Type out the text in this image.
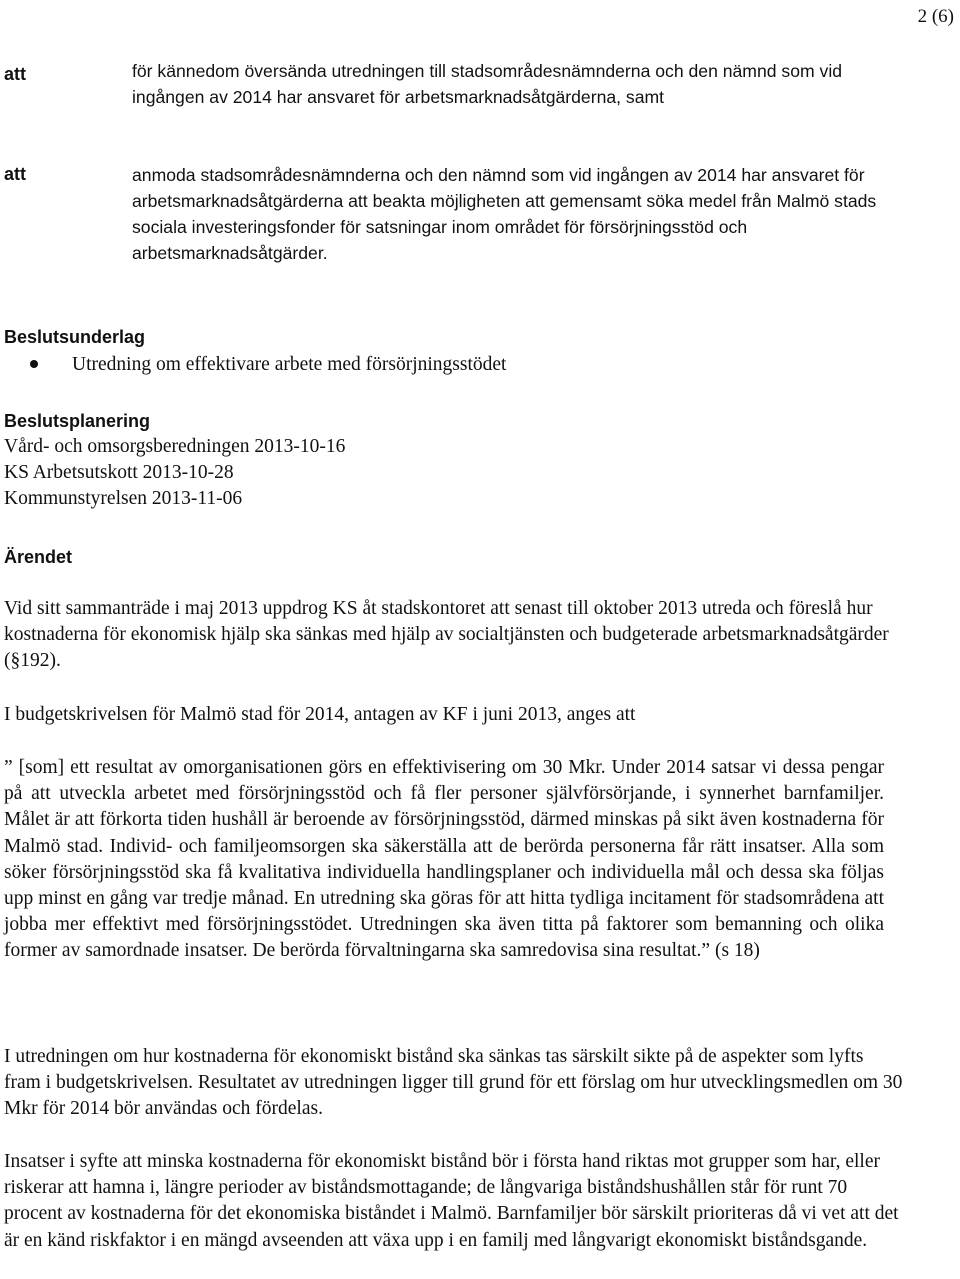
2 (6)
att	för kännedom översända utredningen till stadsområdesnämnderna och den nämnd som vid ingången av 2014 har ansvaret för arbetsmarknadsåtgärderna, samt
att	anmoda stadsområdesnämnderna och den nämnd som vid ingången av 2014 har ansvaret för arbetsmarknadsåtgärderna att beakta möjligheten att gemensamt söka medel från Malmö stads sociala investeringsfonder för satsningar inom området för försörjningsstöd och arbetsmarknadsåtgärder.
Beslutsunderlag
Utredning om effektivare arbete med försörjningsstödet
Beslutsplanering
Vård- och omsorgsberedningen 2013-10-16
KS Arbetsutskott 2013-10-28
Kommunstyrelsen 2013-11-06
Ärendet
Vid sitt sammanträde i maj 2013 uppdrog KS åt stadskontoret att senast till oktober 2013 utreda och föreslå hur kostnaderna för ekonomisk hjälp ska sänkas med hjälp av socialtjänsten och budgeterade arbetsmarknadsåtgärder (§192).
I budgetskrivelsen för Malmö stad för 2014, antagen av KF i juni 2013, anges att
” [som] ett resultat av omorganisationen görs en effektivisering om 30 Mkr. Under 2014 satsar vi dessa pengar på att utveckla arbetet med försörjningsstöd och få fler personer självförsörjande, i synnerhet barnfamiljer. Målet är att förkorta tiden hushåll är beroende av försörjningsstöd, därmed minskas på sikt även kostnaderna för Malmö stad. Individ- och familjeomsorgen ska säkerställa att de berörda personerna får rätt insatser. Alla som söker försörjningsstöd ska få kvalitativa individuella handlingsplaner och individuella mål och dessa ska följas upp minst en gång var tredje månad. En utredning ska göras för att hitta tydliga incitament för stadsområdena att jobba mer effektivt med försörjningsstödet. Utredningen ska även titta på faktorer som bemanning och olika former av samordnade insatser. De berörda förvaltningarna ska samredovisa sina resultat.” (s 18)
I utredningen om hur kostnaderna för ekonomiskt bistånd ska sänkas tas särskilt sikte på de aspekter som lyfts fram i budgetskrivelsen. Resultatet av utredningen ligger till grund för ett förslag om hur utvecklingsmedlen om 30 Mkr för 2014 bör användas och fördelas.
Insatser i syfte att minska kostnaderna för ekonomiskt bistånd bör i första hand riktas mot grupper som har, eller riskerar att hamna i, längre perioder av biståndsmottagande; de långvariga biståndshushållen står för runt 70 procent av kostnaderna för det ekonomiska biståndet i Malmö. Barnfamiljer bör särskilt prioriteras då vi vet att det är en känd riskfaktor i en mängd avseenden att växa upp i en familj med långvarigt ekonomiskt biståndsgande.
